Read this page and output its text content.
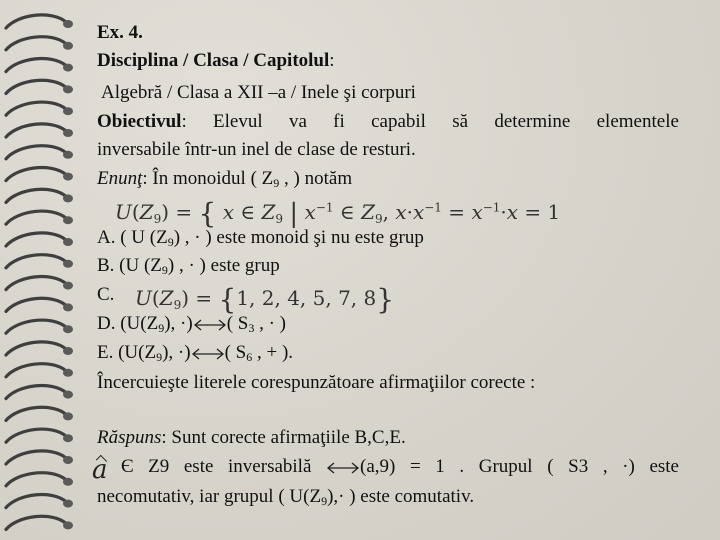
Ex. 4.
Disciplina / Clasa / Capitolul:
Algebră / Clasa a XII –a / Inele şi corpuri
Obiectivul: Elevul va fi capabil să determine elementele
inversabile într-un inel de clase de resturi.
Enunţ: În monoidul ( $Z_9$ , ) notăm
A. ( U $(Z_9)$ , · ) este monoid şi nu este grup
B. (U $(Z_9)$ , · ) este grup
C.
D. ($U(Z_9)$, ·) ( $S_3$ , · )
E. ($U(Z_9)$, ·) ( $S_6$ , + ).
Încercuieşte literele corespunzătoare afirmaţiilor corecte :
Răspuns: Sunt corecte afirmaţiile B,C,E.
Є Z9 este inversabilă	(a,9) = 1 . Grupul ( S3 , ·) este
necomutativ, iar grupul ( $U(Z_9),\cdot$ ) este comutativ.
$U(Z_9)$ = { x ∈ $Z_9$ | $x^{-1}$ ∈ $Z_9$, $x\cdot x^{-1} = x^{-1}\cdot x = 1$
$U(Z_9) = \{1$, 2, 4, 5, 7, 8}
a
